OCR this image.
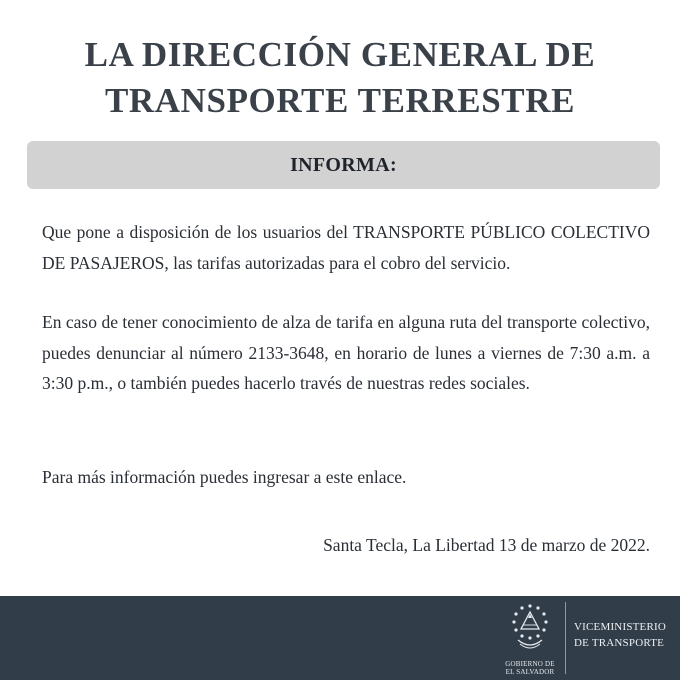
LA DIRECCIÓN GENERAL DE
TRANSPORTE TERRESTRE
INFORMA:

Que pone a disposición de los usuarios del TRANSPORTE PÚBLICO COLECTIVO DE PASAJEROS, las tarifas autorizadas para el cobro del servicio.

En caso de tener conocimiento de alza de tarifa en alguna ruta del transporte colectivo, puedes denunciar al número 2133-3648, en horario de lunes a viernes de 7:30 a.m. a 3:30 p.m., o también puedes hacerlo través de nuestras redes sociales.

Para más información puedes ingresar a este enlace.

Santa Tecla, La Libertad 13 de marzo de 2022.

GOBIERNO DE
EL SALVADOR
VICEMINISTERIO
DE TRANSPORTE
